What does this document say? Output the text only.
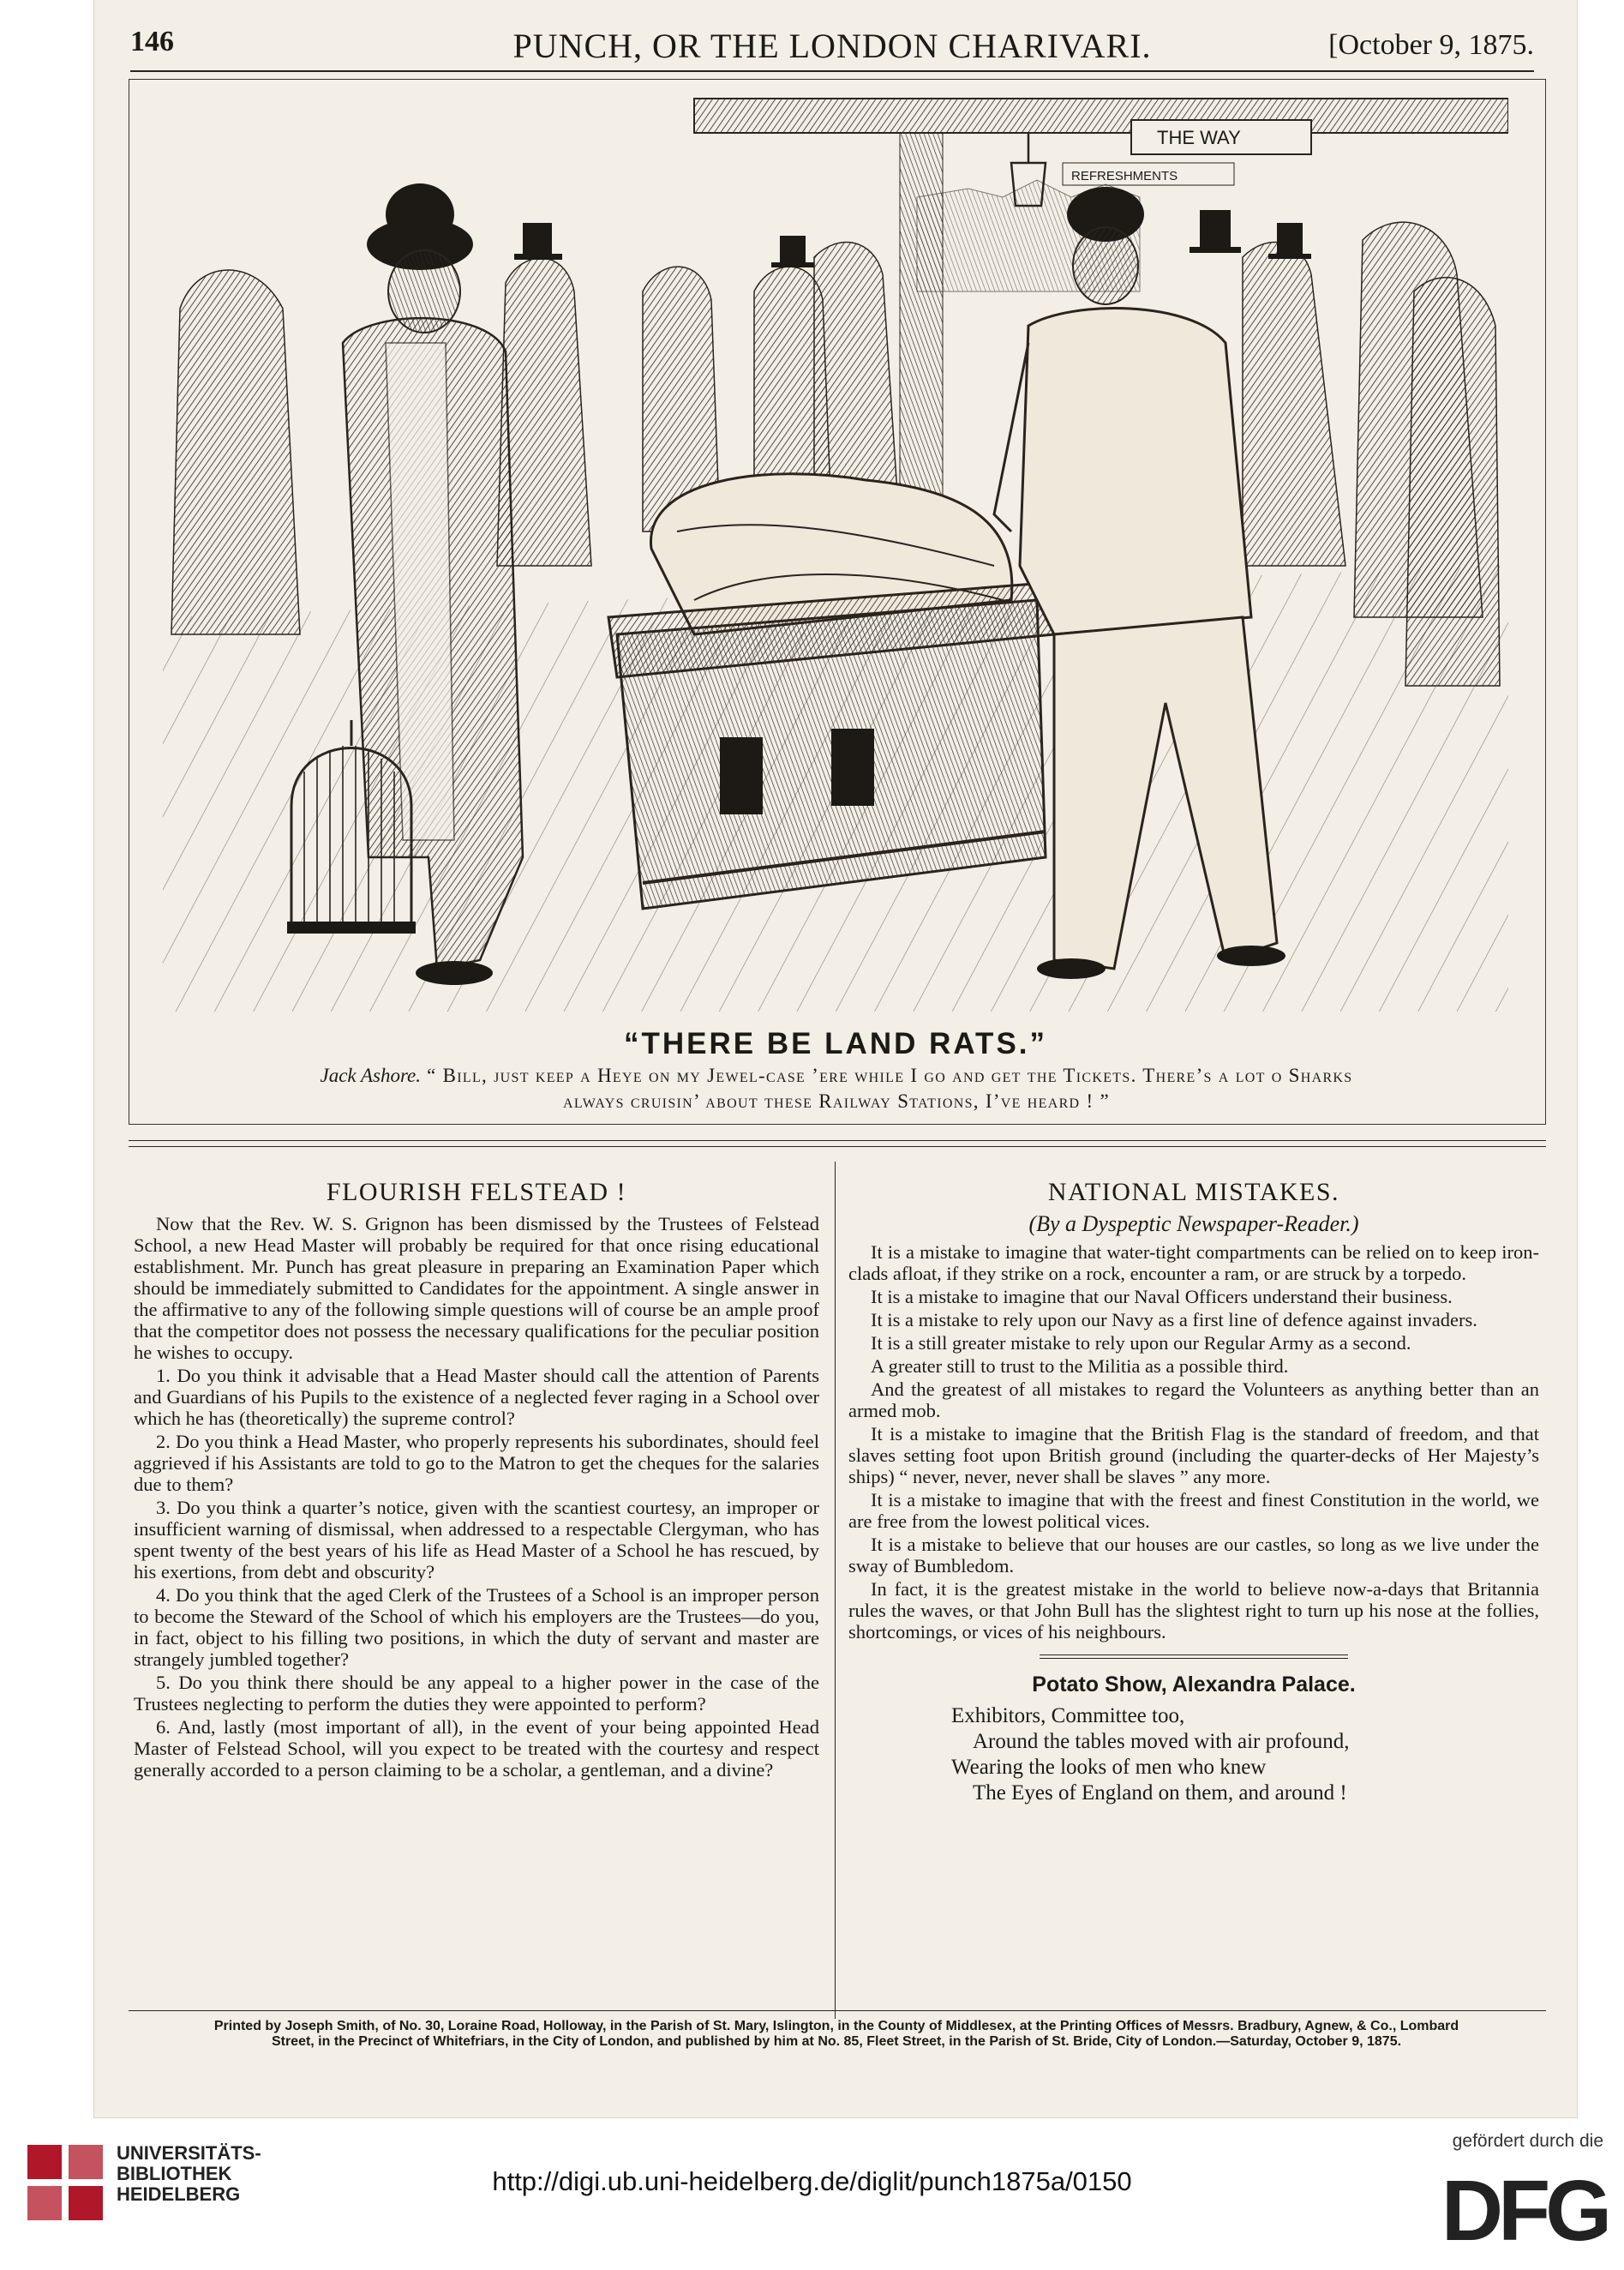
146	PUNCH, OR THE LONDON CHARIVARI.	[October 9, 1875.
THE WAY
REFRESHMENTS
“THERE BE LAND RATS.”
Jack Ashore. “ Bill, just keep a Heye on my Jewel-case ’ere while I go and get the Tickets. There’s a lot o Sharks
always cruisin’ about these Railway Stations, I’ve heard ! ”

FLOURISH FELSTEAD !

Now that the Rev. W. S. Grignon has been dismissed by the Trustees of Felstead School, a new Head Master will probably be required for that once rising educational establishment. Mr. Punch has great pleasure in preparing an Examination Paper which should be immediately submitted to Candidates for the appointment. A single answer in the affirmative to any of the following simple questions will of course be an ample proof that the competitor does not possess the necessary qualifications for the peculiar position he wishes to occupy.

1. Do you think it advisable that a Head Master should call the attention of Parents and Guardians of his Pupils to the existence of a neglected fever raging in a School over which he has (theoretically) the supreme control?

2. Do you think a Head Master, who properly represents his subordinates, should feel aggrieved if his Assistants are told to go to the Matron to get the cheques for the salaries due to them?

3. Do you think a quarter’s notice, given with the scantiest courtesy, an improper or insufficient warning of dismissal, when addressed to a respectable Clergyman, who has spent twenty of the best years of his life as Head Master of a School he has rescued, by his exertions, from debt and obscurity?

4. Do you think that the aged Clerk of the Trustees of a School is an improper person to become the Steward of the School of which his employers are the Trustees—do you, in fact, object to his filling two positions, in which the duty of servant and master are strangely jumbled together?

5. Do you think there should be any appeal to a higher power in the case of the Trustees neglecting to perform the duties they were appointed to perform?

6. And, lastly (most important of all), in the event of your being appointed Head Master of Felstead School, will you expect to be treated with the courtesy and respect generally accorded to a person claiming to be a scholar, a gentleman, and a divine?

NATIONAL MISTAKES.

(By a Dyspeptic Newspaper-Reader.)

It is a mistake to imagine that water-tight compartments can be relied on to keep iron-clads afloat, if they strike on a rock, encounter a ram, or are struck by a torpedo.

It is a mistake to imagine that our Naval Officers understand their business.

It is a mistake to rely upon our Navy as a first line of defence against invaders.

It is a still greater mistake to rely upon our Regular Army as a second.

A greater still to trust to the Militia as a possible third.

And the greatest of all mistakes to regard the Volunteers as anything better than an armed mob.

It is a mistake to imagine that the British Flag is the standard of freedom, and that slaves setting foot upon British ground (including the quarter-decks of Her Majesty’s ships) “ never, never, never shall be slaves ” any more.

It is a mistake to imagine that with the freest and finest Constitution in the world, we are free from the lowest political vices.

It is a mistake to believe that our houses are our castles, so long as we live under the sway of Bumbledom.

In fact, it is the greatest mistake in the world to believe now-a-days that Britannia rules the waves, or that John Bull has the slightest right to turn up his nose at the follies, shortcomings, or vices of his neighbours.

Potato Show, Alexandra Palace.

Exhibitors, Committee too,

Around the tables moved with air profound,

Wearing the looks of men who knew

The Eyes of England on them, and around !

Printed by Joseph Smith, of No. 30, Loraine Road, Holloway, in the Parish of St. Mary, Islington, in the County of Middlesex, at the Printing Offices of Messrs. Bradbury, Agnew, & Co., Lombard
Street, in the Precinct of Whitefriars, in the City of London, and published by him at No. 85, Fleet Street, in the Parish of St. Bride, City of London.—Saturday, October 9, 1875.
UNIVERSITÄTS-
BIBLIOTHEK
HEIDELBERG	http://digi.ub.uni-heidelberg.de/diglit/punch1875a/0150
gefördert durch die
DFG
